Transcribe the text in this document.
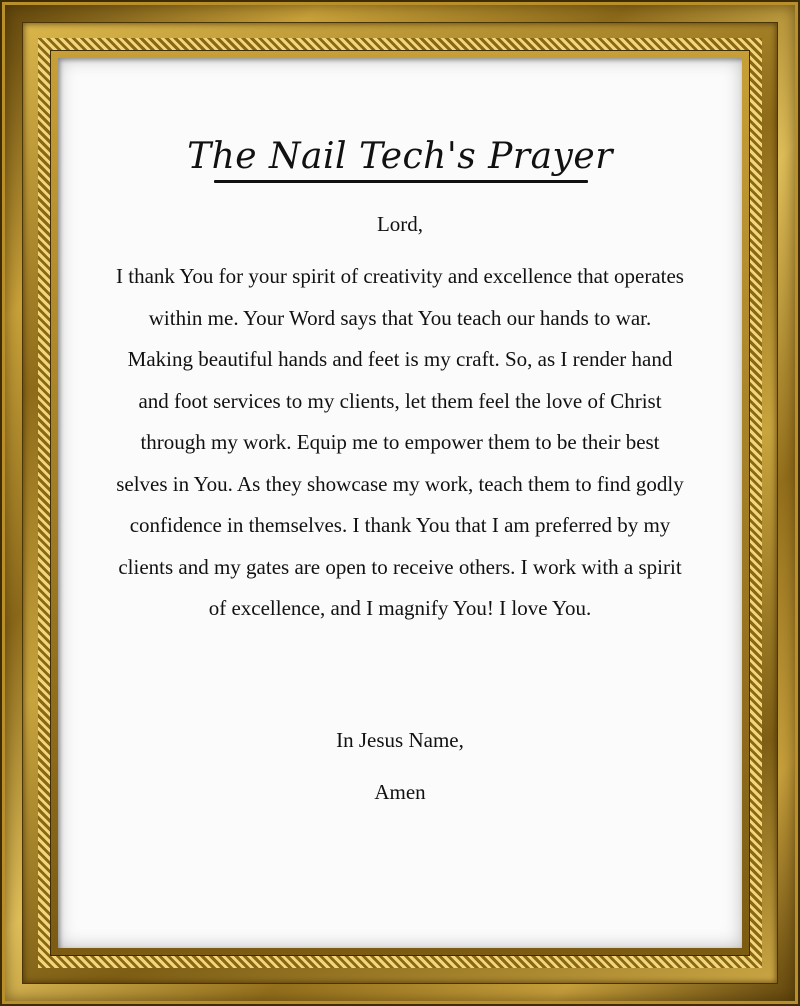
The Nail Tech's Prayer

Lord,

I thank You for your spirit of creativity and excellence that operates within me. Your Word says that You teach our hands to war. Making beautiful hands and feet is my craft. So, as I render hand and foot services to my clients, let them feel the love of Christ through my work. Equip me to empower them to be their best selves in You. As they showcase my work, teach them to find godly confidence in themselves. I thank You that I am preferred by my clients and my gates are open to receive others. I work with a spirit of excellence, and I magnify You! I love You.

In Jesus Name,

Amen
